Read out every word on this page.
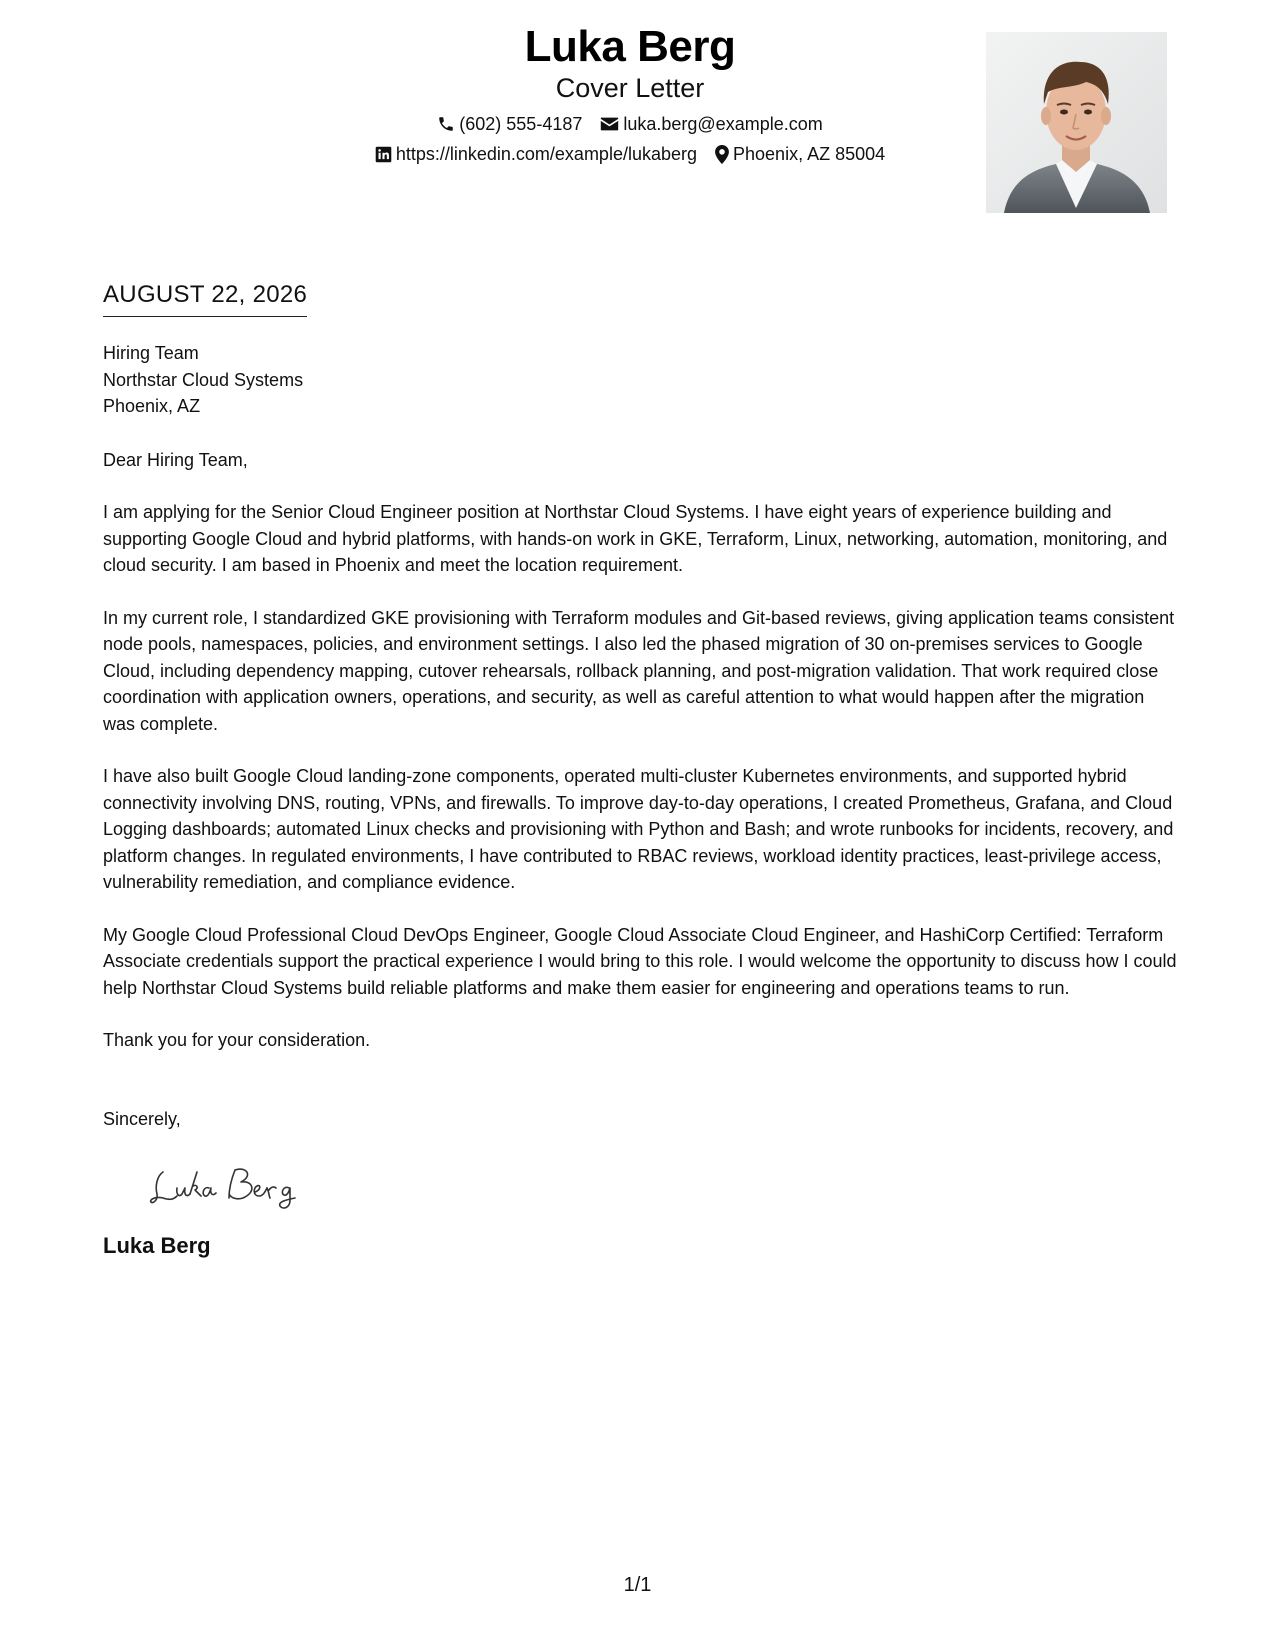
Luka Berg
Cover Letter
(602) 555-4187 luka.berg@example.com
https://linkedin.com/example/lukaberg Phoenix, AZ 85004
AUGUST 22, 2026
Hiring Team
Northstar Cloud Systems
Phoenix, AZ
Dear Hiring Team,

I am applying for the Senior Cloud Engineer position at Northstar Cloud Systems. I have eight years of experience building and supporting Google Cloud and hybrid platforms, with hands-on work in GKE, Terraform, Linux, networking, automation, monitoring, and cloud security. I am based in Phoenix and meet the location requirement.

In my current role, I standardized GKE provisioning with Terraform modules and Git-based reviews, giving application teams consistent node pools, namespaces, policies, and environment settings. I also led the phased migration of 30 on-premises services to Google Cloud, including dependency mapping, cutover rehearsals, rollback planning, and post-migration validation. That work required close coordination with application owners, operations, and security, as well as careful attention to what would happen after the migration was complete.

I have also built Google Cloud landing-zone components, operated multi-cluster Kubernetes environments, and supported hybrid connectivity involving DNS, routing, VPNs, and firewalls. To improve day-to-day operations, I created Prometheus, Grafana, and Cloud Logging dashboards; automated Linux checks and provisioning with Python and Bash; and wrote runbooks for incidents, recovery, and platform changes. In regulated environments, I have contributed to RBAC reviews, workload identity practices, least-privilege access, vulnerability remediation, and compliance evidence.

My Google Cloud Professional Cloud DevOps Engineer, Google Cloud Associate Cloud Engineer, and HashiCorp Certified: Terraform Associate credentials support the practical experience I would bring to this role. I would welcome the opportunity to discuss how I could help Northstar Cloud Systems build reliable platforms and make them easier for engineering and operations teams to run.

Thank you for your consideration.
Sincerely,
Luka Berg
1/1
